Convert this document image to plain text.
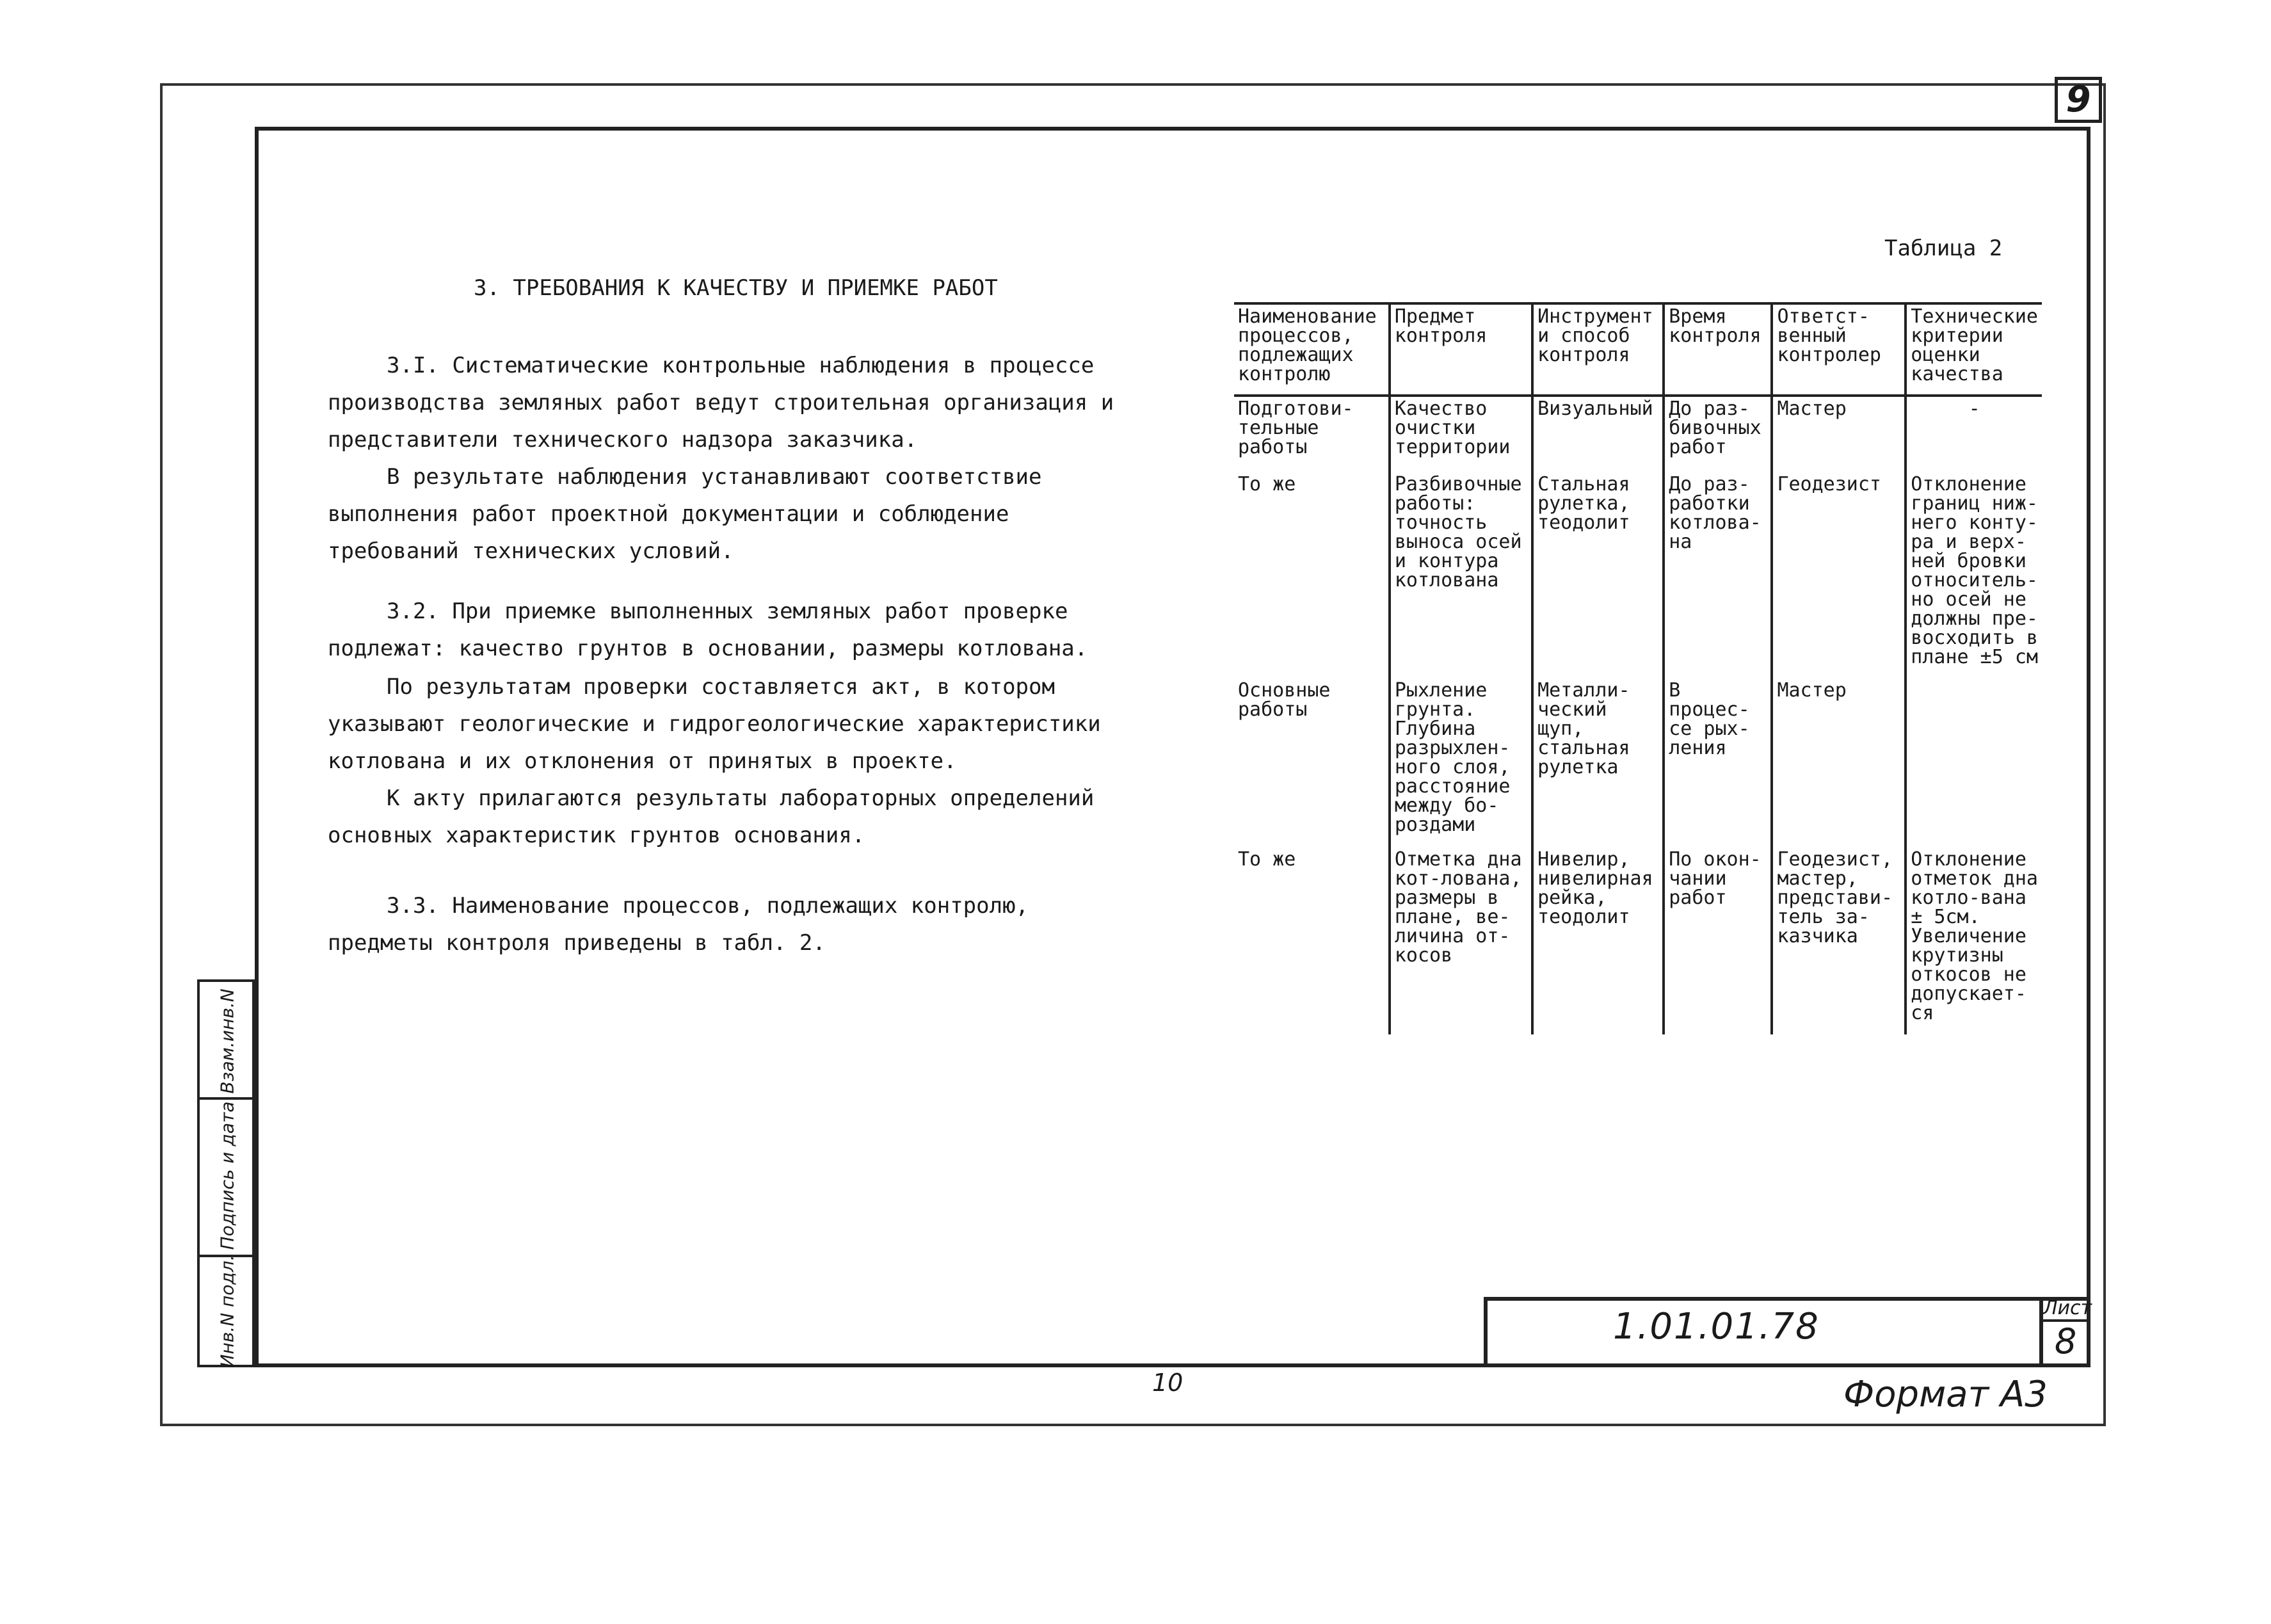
9
Взам.инв.N
Подпись и дата
Инв.N подл.
3. ТРЕБОВАНИЯ К КАЧЕСТВУ И ПРИЕМКЕ РАБОТ

3.I. Систематические контрольные наблюдения в процессе производства земляных работ ведут строительная организация и представители технического надзора заказчика.

В результате наблюдения устанавливают соответствие выполнения работ проектной документации и соблюдение требований технических условий.

3.2. При приемке выполненных земляных работ проверке подлежат: качество грунтов в основании, размеры котлована.

По результатам проверки составляется акт, в котором указывают геологические и гидрогеологические характеристики котлована и их отклонения от принятых в проекте.

К акту прилагаются результаты лабораторных определений основных характеристик грунтов основания.

3.3. Наименование процессов, подлежащих контролю, предметы контроля приведены в табл. 2.

Таблица 2
Наименование процессов, подлежащих контролю	Предмет контроля	Инструмент и способ контроля	Время контроля	Ответст-венный контролер	Технические критерии оценки качества
Подготови-тельные работы	Качество очистки территории	Визуальный	До раз-бивочных работ	Мастер	-
То же	Разбивочные работы: точность выноса осей и контура котлована	Стальная рулетка, теодолит	До раз-работки котлова-на	Геодезист	Отклонение границ ниж-него конту-ра и верх-ней бровки относитель-но осей не должны пре-восходить в плане ±5 см
Основные работы	Рыхление грунта. Глубина разрыхлен-ного слоя, расстояние между бо-роздами	Металли-ческий щуп, стальная рулетка	В процес-се рых-ления	Мастер	
То же	Отметка дна кот-лована, размеры в плане, ве-личина от-косов	Нивелир, нивелирная рейка, теодолит	По окон-чании работ	Геодезист, мастер, представи-тель за-казчика	Отклонение отметок дна котло-вана ± 5см. Увеличение крутизны откосов не допускает-ся
1.01.01.78	Лист
8
10	Формат А3
